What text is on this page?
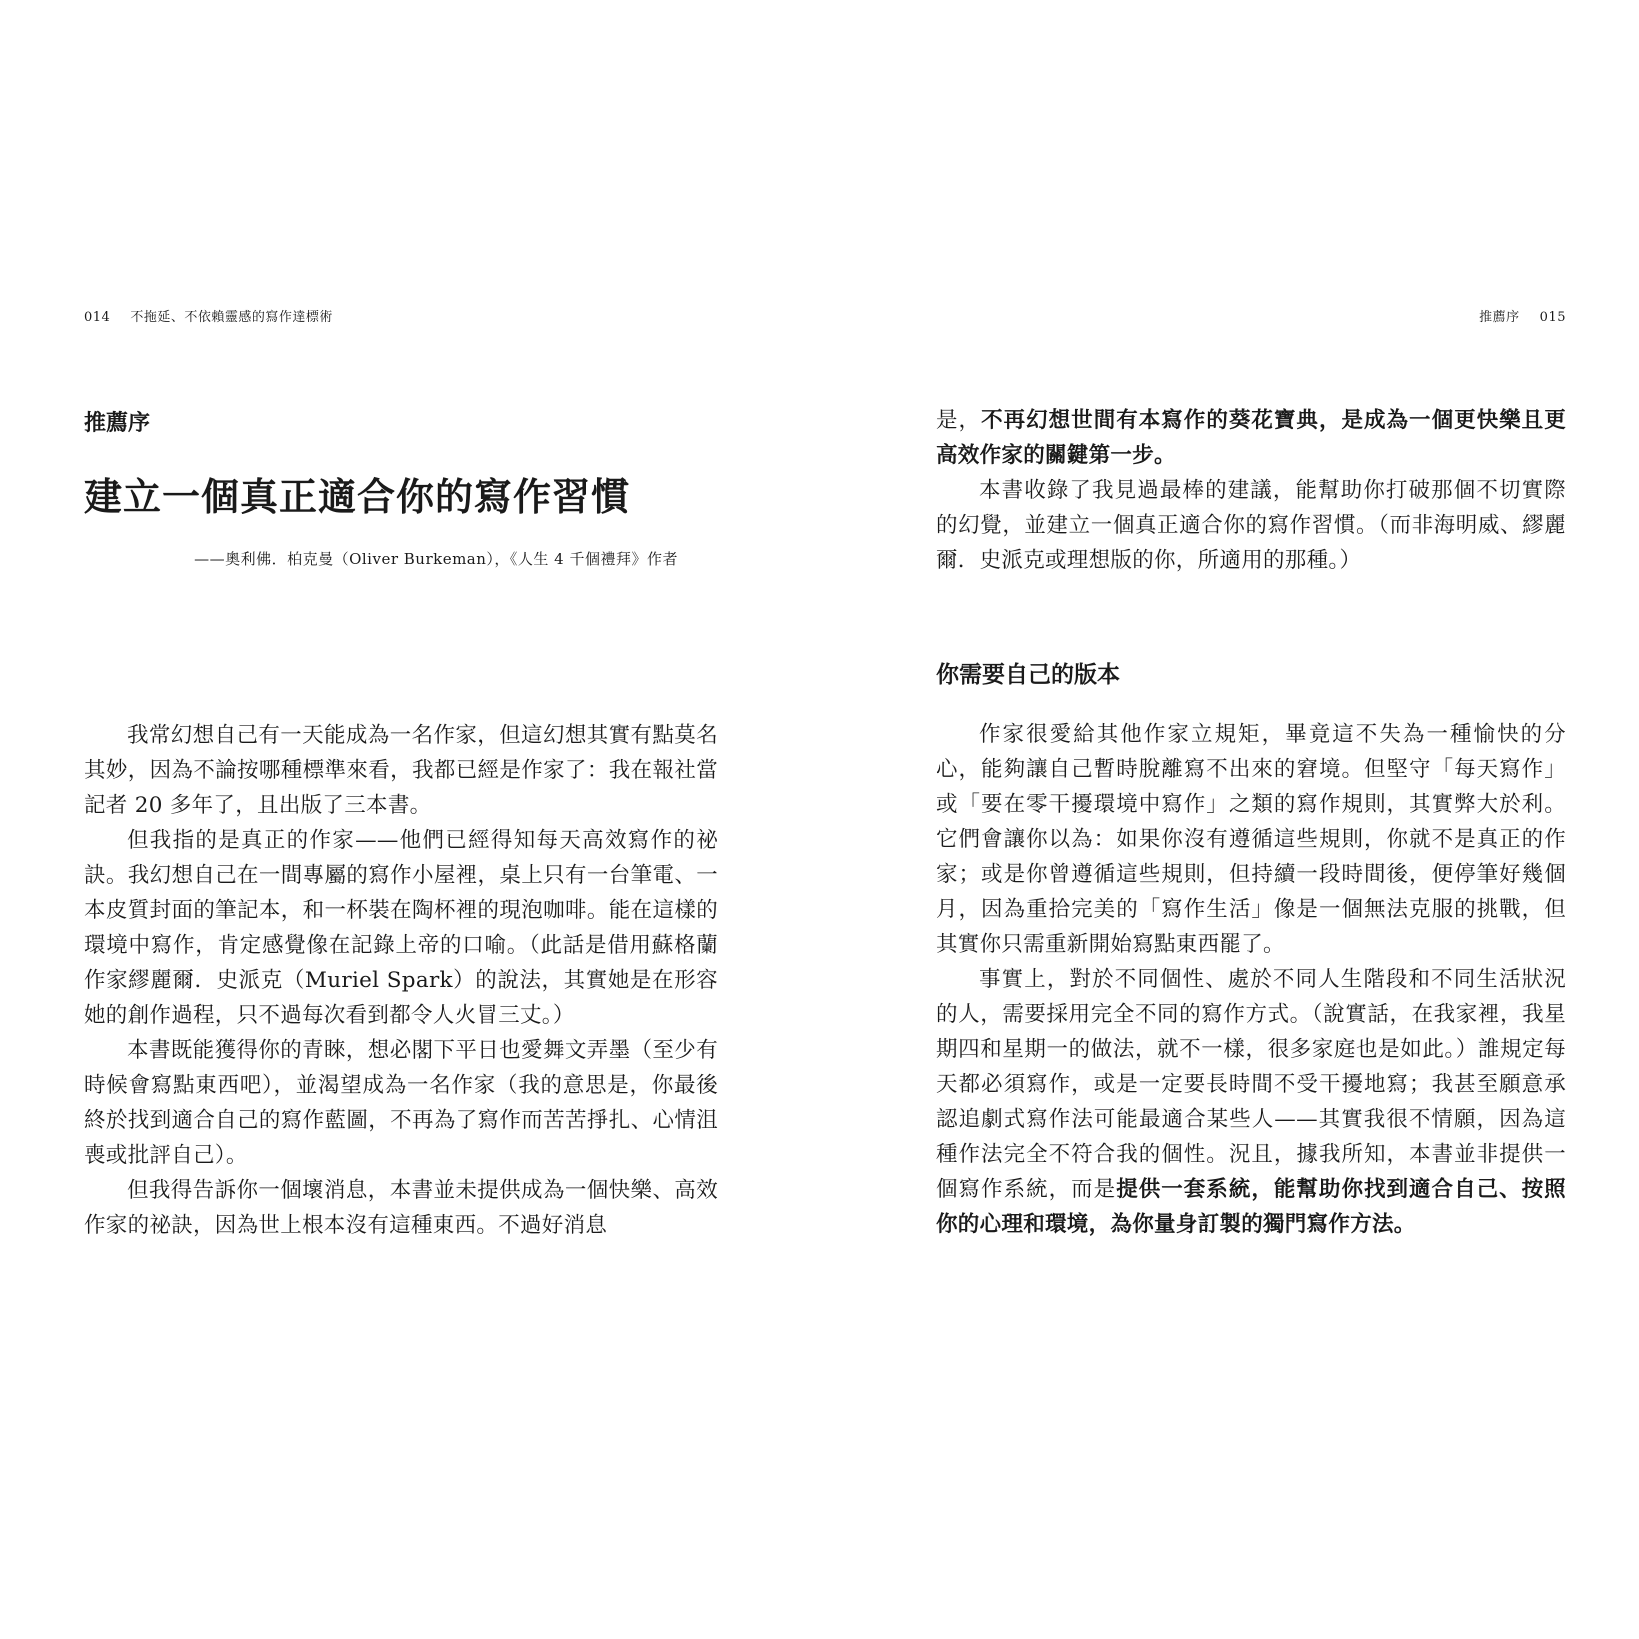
014 不拖延、不依賴靈感的寫作達標術
推薦序
建立一個真正適合你的寫作習慣
——奧利佛．柏克曼（Oliver Burkeman），《人生 4 千個禮拜》作者

我常幻想自己有一天能成為一名作家，但這幻想其實有點莫名其妙，因為不論按哪種標準來看，我都已經是作家了：我在報社當記者 20 多年了，且出版了三本書。

但我指的是真正的作家——他們已經得知每天高效寫作的祕訣。我幻想自己在一間專屬的寫作小屋裡，桌上只有一台筆電、一本皮質封面的筆記本，和一杯裝在陶杯裡的現泡咖啡。能在這樣的環境中寫作，肯定感覺像在記錄上帝的口喻。（此話是借用蘇格蘭作家繆麗爾．史派克（Muriel Spark）的說法，其實她是在形容她的創作過程，只不過每次看到都令人火冒三丈。）

本書既能獲得你的青睞，想必閣下平日也愛舞文弄墨（至少有時候會寫點東西吧），並渴望成為一名作家（我的意思是，你最後終於找到適合自己的寫作藍圖，不再為了寫作而苦苦掙扎、心情沮喪或批評自己）。

但我得告訴你一個壞消息，本書並未提供成為一個快樂、高效作家的祕訣，因為世上根本沒有這種東西。不過好消息

推薦序 015

是，不再幻想世間有本寫作的葵花寶典，是成為一個更快樂且更高效作家的關鍵第一步。

本書收錄了我見過最棒的建議，能幫助你打破那個不切實際的幻覺，並建立一個真正適合你的寫作習慣。（而非海明威、繆麗爾．史派克或理想版的你，所適用的那種。）

你需要自己的版本

作家很愛給其他作家立規矩，畢竟這不失為一種愉快的分心，能夠讓自己暫時脫離寫不出來的窘境。但堅守「每天寫作」或「要在零干擾環境中寫作」之類的寫作規則，其實弊大於利。它們會讓你以為：如果你沒有遵循這些規則，你就不是真正的作家；或是你曾遵循這些規則，但持續一段時間後，便停筆好幾個月，因為重拾完美的「寫作生活」像是一個無法克服的挑戰，但其實你只需重新開始寫點東西罷了。

事實上，對於不同個性、處於不同人生階段和不同生活狀況的人，需要採用完全不同的寫作方式。（說實話，在我家裡，我星期四和星期一的做法，就不一樣，很多家庭也是如此。）誰規定每天都必須寫作，或是一定要長時間不受干擾地寫；我甚至願意承認追劇式寫作法可能最適合某些人——其實我很不情願，因為這種作法完全不符合我的個性。況且，據我所知，本書並非提供一個寫作系統，而是提供一套系統，能幫助你找到適合自己、按照你的心理和環境，為你量身訂製的獨門寫作方法。
